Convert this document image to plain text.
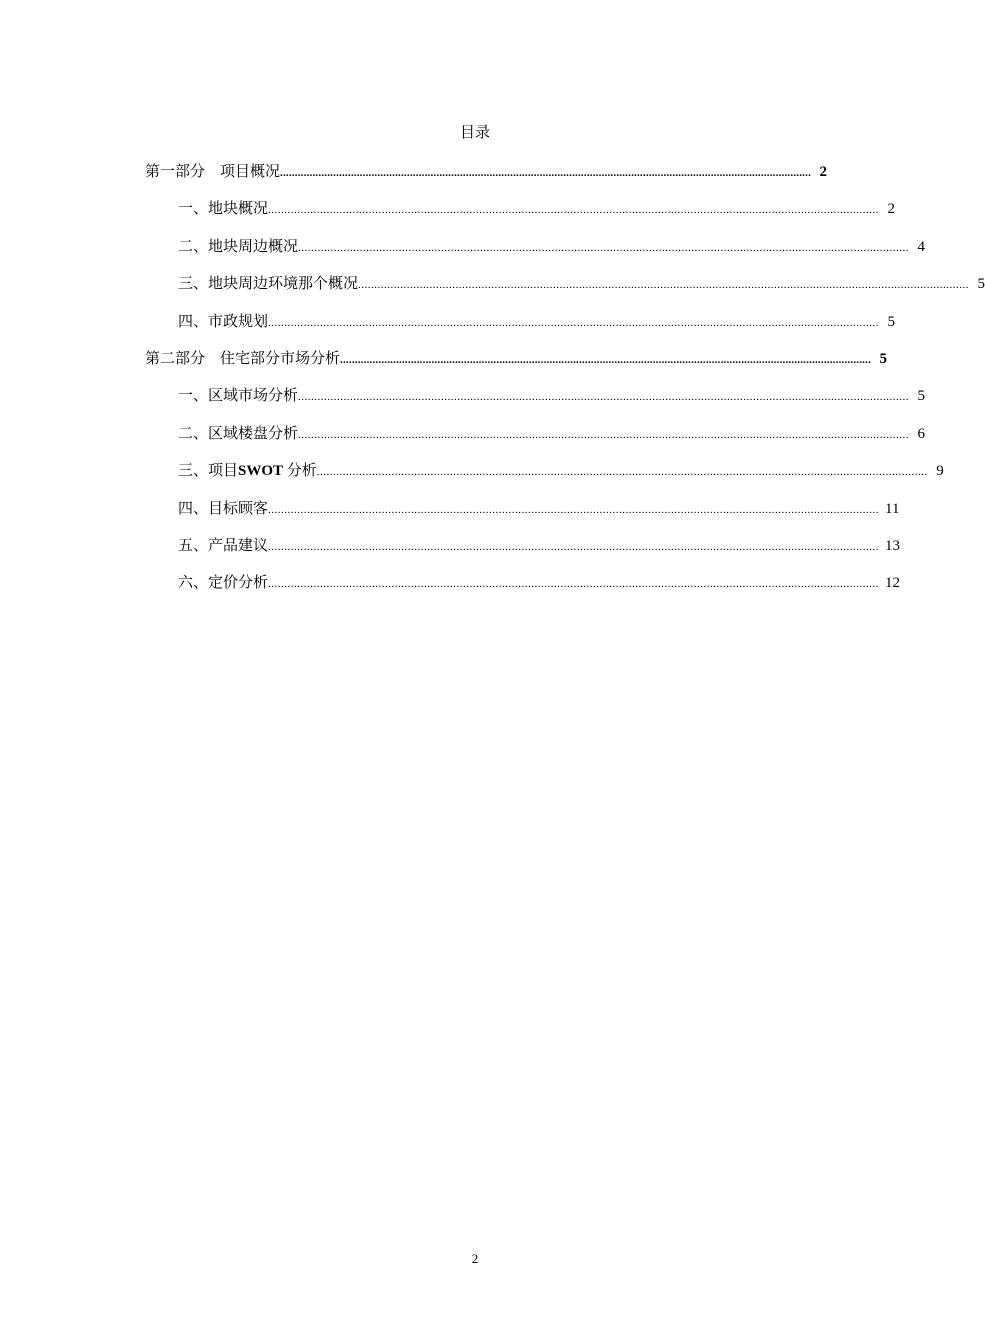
目录
第一部分　项目概况 .................................................................................................................................................................................... 2
一、地块概况 ............................................................................................................................................................................................ 2
二、地块周边概况 ............................................................................................................................................................................................ 4
三、地块周边环境那个概况 ............................................................................................................................................................................................ 5
四、市政规划 ............................................................................................................................................................................................ 5
第二部分　住宅部分市场分析 .................................................................................................................................................................................... 5
一、区域市场分析 ............................................................................................................................................................................................ 5
二、区域楼盘分析 ............................................................................................................................................................................................ 6
三、项目SWOT 分析 ............................................................................................................................................................................................ 9
四、目标顾客 ............................................................................................................................................................................................ 11
五、产品建议 ............................................................................................................................................................................................ 13
六、定价分析 ............................................................................................................................................................................................ 12
2
